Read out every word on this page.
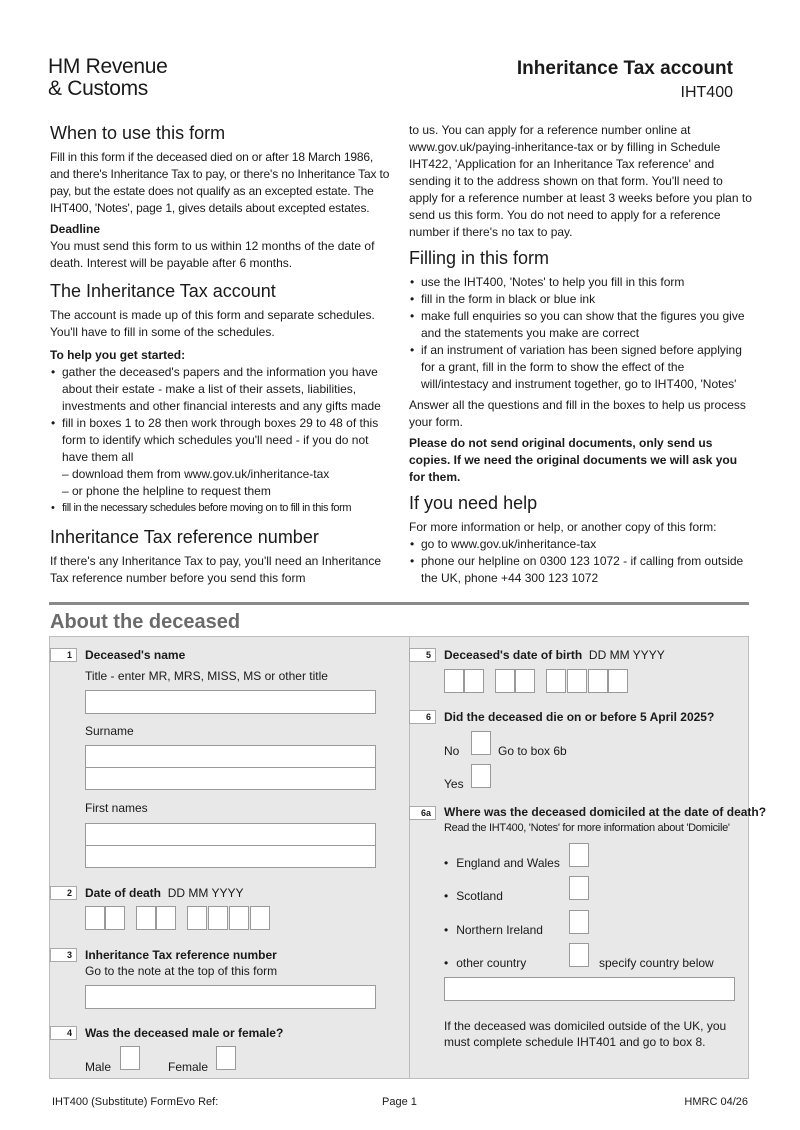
HM Revenue
& Customs
Inheritance Tax account
IHT400
When to use this form

Fill in this form if the deceased died on or after 18 March 1986, and there's Inheritance Tax to pay, or there's no Inheritance Tax to pay, but the estate does not qualify as an excepted estate. The IHT400, 'Notes', page 1, gives details about excepted estates.

Deadline

You must send this form to us within 12 months of the date of death. Interest will be payable after 6 months.

The Inheritance Tax account

The account is made up of this form and separate schedules. You'll have to fill in some of the schedules.

To help you get started:
• gather the deceased's papers and the information you have about their estate - make a list of their assets, liabilities, investments and other financial interests and any gifts made
• fill in boxes 1 to 28 then work through boxes 29 to 48 of this form to identify which schedules you'll need - if you do not have them all
– download them from www.gov.uk/inheritance-tax
– or phone the helpline to request them
• fill in the necessary schedules before moving on to fill in this form
Inheritance Tax reference number

If there's any Inheritance Tax to pay, you'll need an Inheritance Tax reference number before you send this form

to us. You can apply for a reference number online at www.gov.uk/paying-inheritance-tax or by filling in Schedule IHT422, 'Application for an Inheritance Tax reference' and sending it to the address shown on that form. You'll need to apply for a reference number at least 3 weeks before you plan to send us this form. You do not need to apply for a reference number if there's no tax to pay.

Filling in this form
• use the IHT400, 'Notes' to help you fill in this form
• fill in the form in black or blue ink
• make full enquiries so you can show that the figures you give and the statements you make are correct
• if an instrument of variation has been signed before applying for a grant, fill in the form to show the effect of the will/intestacy and instrument together, go to IHT400, 'Notes'

Answer all the questions and fill in the boxes to help us process your form.

Please do not send original documents, only send us copies. If we need the original documents we will ask you for them.

If you need help

For more information or help, or another copy of this form:

• go to www.gov.uk/inheritance-tax
• phone our helpline on 0300 123 1072 - if calling from outside the UK, phone +44 300 123 1072
About the deceased
1	Deceased's name
Title - enter MR, MRS, MISS, MS or other title
Surname
First names
2	Date of death DD MM YYYY
3	Inheritance Tax reference number
Go to the note at the top of this form
4	Was the deceased male or female?
Male	Female
5	Deceased's date of birth DD MM YYYY
6	Did the deceased die on or before 5 April 2025?
No	Go to box 6b
Yes
6a	Where was the deceased domiciled at the date of death?
Read the IHT400, 'Notes' for more information about 'Domicile'
• England and Wales
• Scotland
• Northern Ireland
• other country	specify country below
If the deceased was domiciled outside of the UK, you must complete schedule IHT401 and go to box 8.
IHT400 (Substitute) FormEvo Ref:	Page 1	HMRC 04/26
